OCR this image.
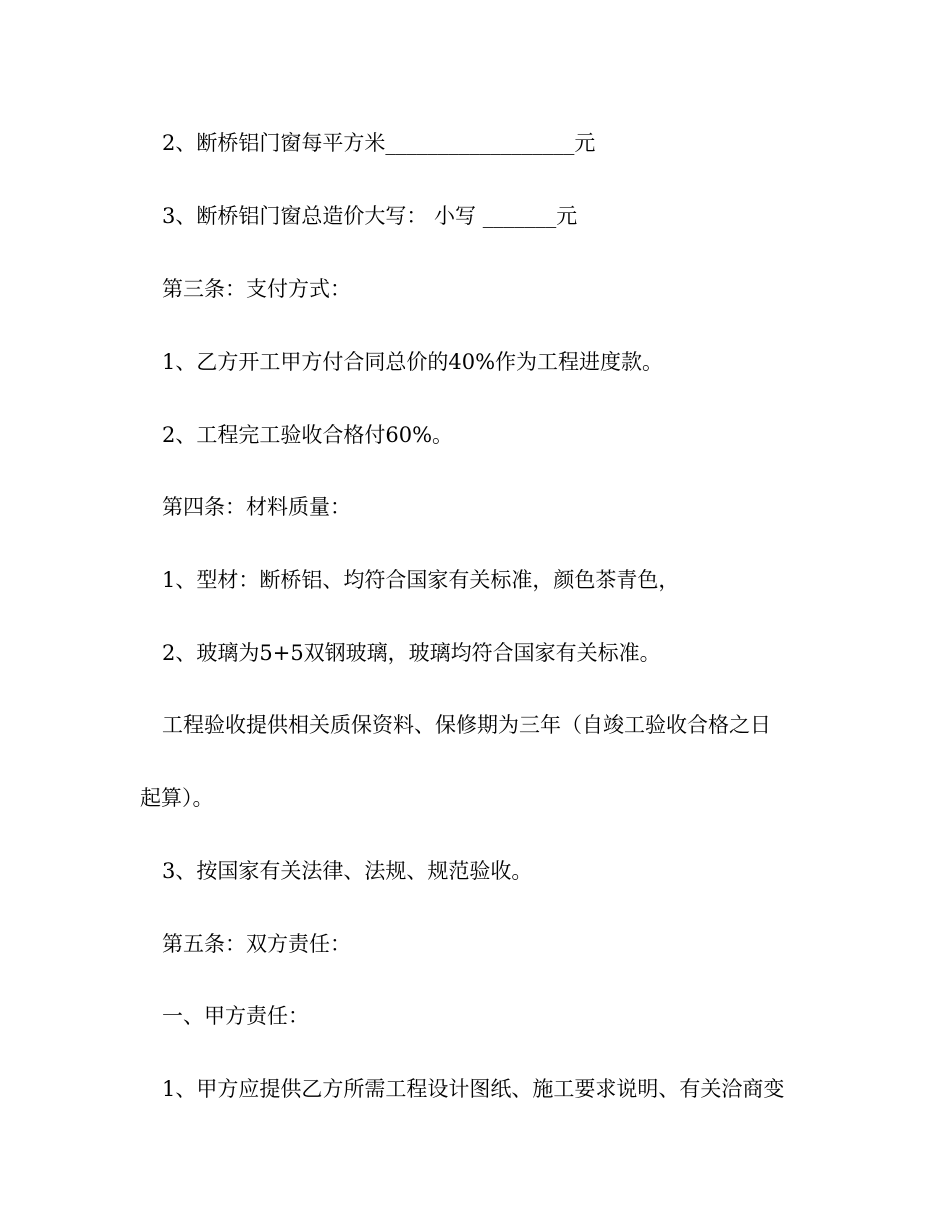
2、断桥铝门窗每平方米__________________元

3、断桥铝门窗总造价大写： 小写 _______元

第三条：支付方式：

1、乙方开工甲方付合同总价的40%作为工程进度款。

2、工程完工验收合格付60%。

第四条：材料质量：

1、型材：断桥铝、均符合国家有关标准，颜色茶青色，

2、玻璃为5+5双钢玻璃，玻璃均符合国家有关标准。

工程验收提供相关质保资料、保修期为三年（自竣工验收合格之日

起算）。

3、按国家有关法律、法规、规范验收。

第五条：双方责任：

一、甲方责任：

1、甲方应提供乙方所需工程设计图纸、施工要求说明、有关洽商变
